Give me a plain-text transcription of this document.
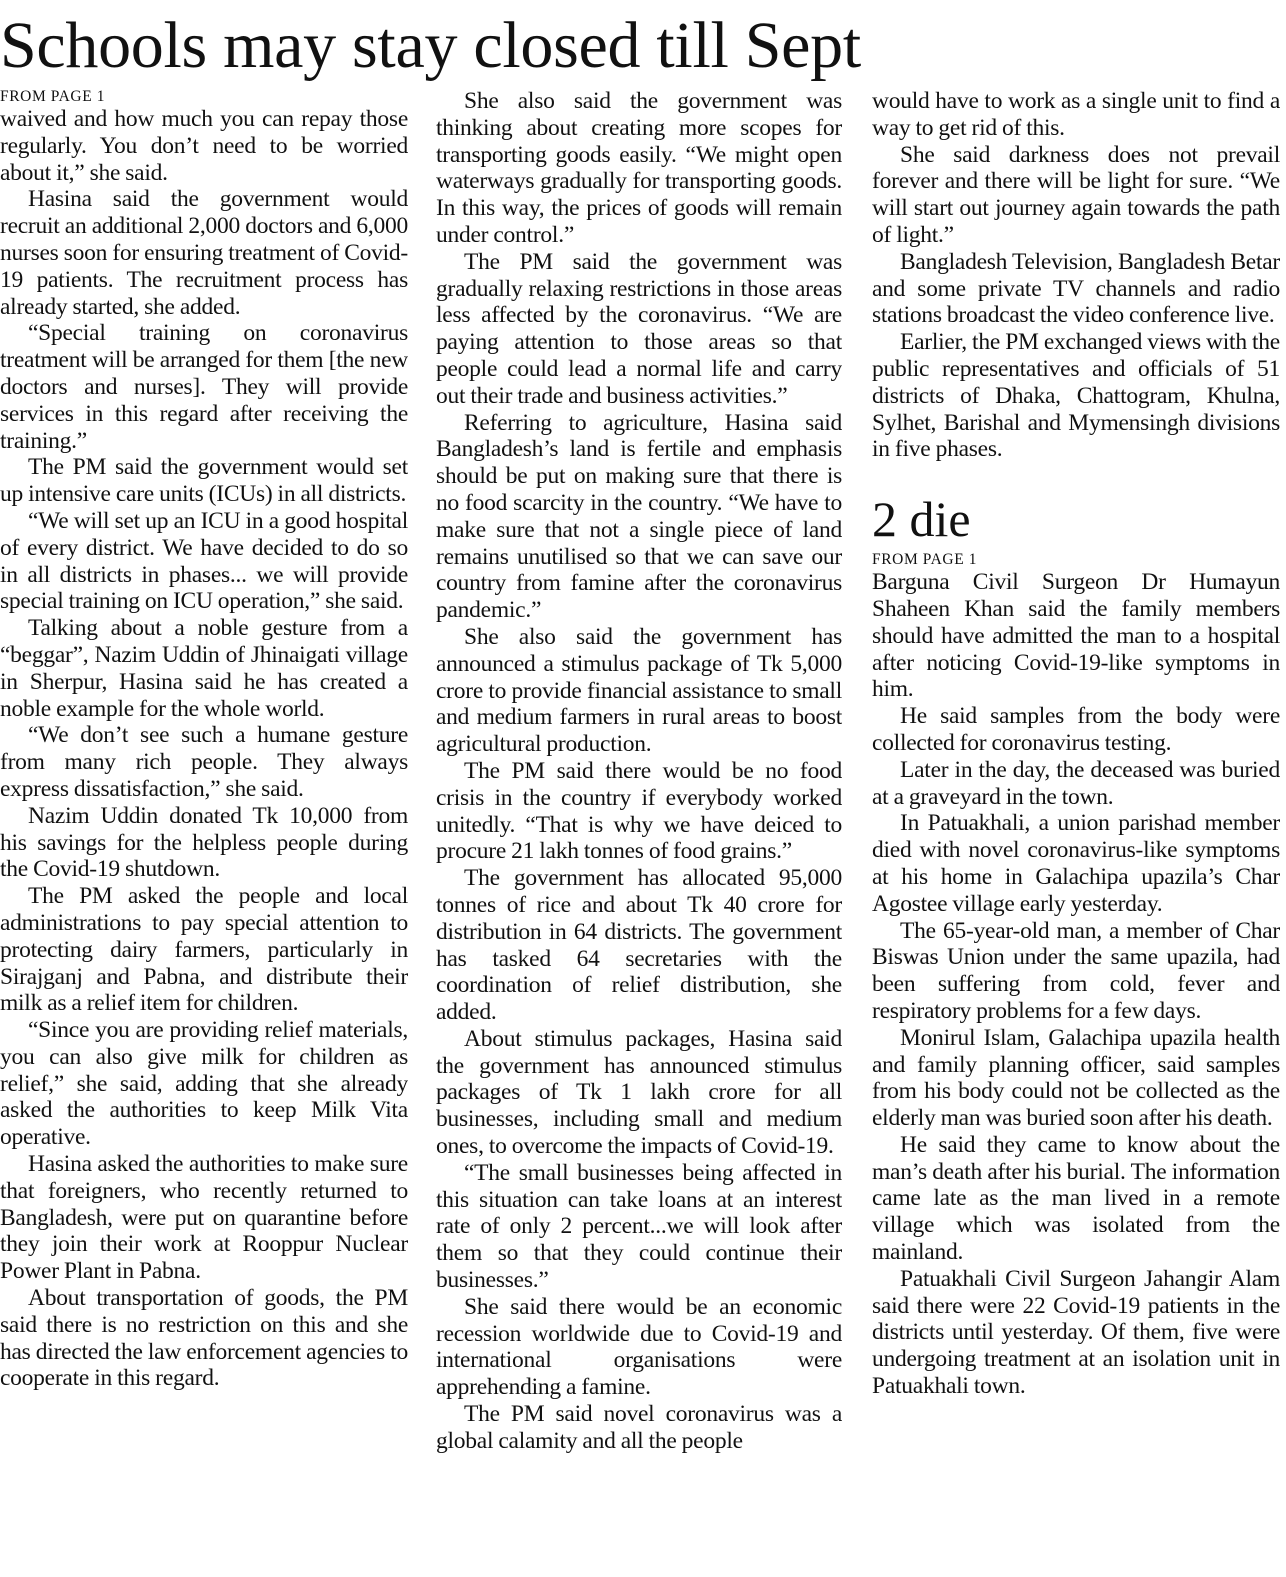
Schools may stay closed till Sept

FROM PAGE 1

waived and how much you can repay those regularly. You don’t need to be worried about it,” she said.

Hasina said the government would recruit an additional 2,000 doctors and 6,000 nurses soon for ensuring treatment of Covid-19 patients. The recruitment process has already started, she added.

“Special training on coronavirus treatment will be arranged for them [the new doctors and nurses]. They will provide services in this regard after receiving the training.”

The PM said the government would set up intensive care units (ICUs) in all districts.

“We will set up an ICU in a good hospital of every district. We have decided to do so in all districts in phases... we will provide special training on ICU operation,” she said.

Talking about a noble gesture from a “beggar”, Nazim Uddin of Jhinaigati village in Sherpur, Hasina said he has created a noble example for the whole world.

“We don’t see such a humane gesture from many rich people. They always express dissatisfaction,” she said.

Nazim Uddin donated Tk 10,000 from his savings for the helpless people during the Covid-19 shutdown.

The PM asked the people and local administrations to pay special attention to protecting dairy farmers, particularly in Sirajganj and Pabna, and distribute their milk as a relief item for children.

“Since you are providing relief materials, you can also give milk for children as relief,” she said, adding that she already asked the authorities to keep Milk Vita operative.

Hasina asked the authorities to make sure that foreigners, who recently returned to Bangladesh, were put on quarantine before they join their work at Rooppur Nuclear Power Plant in Pabna.

About transportation of goods, the PM said there is no restriction on this and she has directed the law enforcement agencies to cooperate in this regard.

She also said the government was thinking about creating more scopes for transporting goods easily. “We might open waterways gradually for transporting goods. In this way, the prices of goods will remain under control.”

The PM said the government was gradually relaxing restrictions in those areas less affected by the coronavirus. “We are paying attention to those areas so that people could lead a normal life and carry out their trade and business activities.”

Referring to agriculture, Hasina said Bangladesh’s land is fertile and emphasis should be put on making sure that there is no food scarcity in the country. “We have to make sure that not a single piece of land remains unutilised so that we can save our country from famine after the coronavirus pandemic.”

She also said the government has announced a stimulus package of Tk 5,000 crore to provide financial assistance to small and medium farmers in rural areas to boost agricultural production.

The PM said there would be no food crisis in the country if everybody worked unitedly. “That is why we have deiced to procure 21 lakh tonnes of food grains.”

The government has allocated 95,000 tonnes of rice and about Tk 40 crore for distribution in 64 districts. The government has tasked 64 secretaries with the coordination of relief distribution, she added.

About stimulus packages, Hasina said the government has announced stimulus packages of Tk 1 lakh crore for all businesses, including small and medium ones, to overcome the impacts of Covid-19.

“The small businesses being affected in this situation can take loans at an interest rate of only 2 percent...we will look after them so that they could continue their businesses.”

She said there would be an economic recession worldwide due to Covid-19 and international organisations were apprehending a famine.

The PM said novel coronavirus was a global calamity and all the people

would have to work as a single unit to find a way to get rid of this.

She said darkness does not prevail forever and there will be light for sure. “We will start out journey again towards the path of light.”

Bangladesh Television, Bangladesh Betar and some private TV channels and radio stations broadcast the video conference live.

Earlier, the PM exchanged views with the public representatives and officials of 51 districts of Dhaka, Chattogram, Khulna, Sylhet, Barishal and Mymensingh divisions in five phases.

2 die

FROM PAGE 1

Barguna Civil Surgeon Dr Humayun Shaheen Khan said the family members should have admitted the man to a hospital after noticing Covid-19-like symptoms in him.

He said samples from the body were collected for coronavirus testing.

Later in the day, the deceased was buried at a graveyard in the town.

In Patuakhali, a union parishad member died with novel coronavirus-like symptoms at his home in Galachipa upazila’s Char Agostee village early yesterday.

The 65-year-old man, a member of Char Biswas Union under the same upazila, had been suffering from cold, fever and respiratory problems for a few days.

Monirul Islam, Galachipa upazila health and family planning officer, said samples from his body could not be collected as the elderly man was buried soon after his death.

He said they came to know about the man’s death after his burial. The information came late as the man lived in a remote village which was isolated from the mainland.

Patuakhali Civil Surgeon Jahangir Alam said there were 22 Covid-19 patients in the districts until yesterday. Of them, five were undergoing treatment at an isolation unit in Patuakhali town.
